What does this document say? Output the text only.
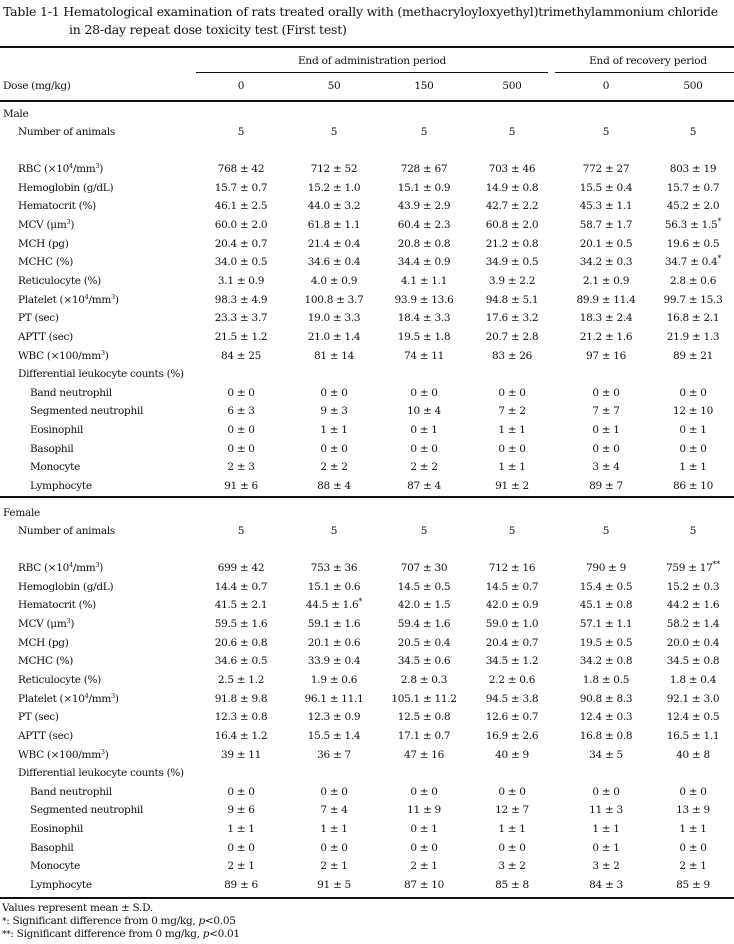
Table 1-1 Hematological examination of rats treated orally with (methacryloyloxyethyl)trimethylammonium chloride
in 28-day repeat dose toxicity test (First test)
End of administration period	End of recovery period
Dose (mg/kg)	0	50	150	500	0	500
Male
Number of animals	5	5	5	5	5	5
RBC $(\times 10^4/mm^3)$	768 ± 42	712 ± 52	728 ± 67	703 ± 46	772 ± 27	803 ± 19
Hemoglobin (g/dL)	15.7 ± 0.7	15.2 ± 1.0	15.1 ± 0.9	14.9 ± 0.8	15.5 ± 0.4	15.7 ± 0.7
Hematocrit (%)	46.1 ± 2.5	44.0 ± 3.2	43.9 ± 2.9	42.7 ± 2.2	45.3 ± 1.1	45.2 ± 2.0
MCV $(\mu m^3)$	60.0 ± 2.0	61.8 ± 1.1	60.4 ± 2.3	60.8 ± 2.0	58.7 ± 1.7	56.3 ± 1.5*
MCH (pg)	20.4 ± 0.7	21.4 ± 0.4	20.8 ± 0.8	21.2 ± 0.8	20.1 ± 0.5	19.6 ± 0.5
MCHC (%)	34.0 ± 0.5	34.6 ± 0.4	34.4 ± 0.9	34.9 ± 0.5	34.2 ± 0.3	34.7 ± 0.4*
Reticulocyte (%)	3.1 ± 0.9	4.0 ± 0.9	4.1 ± 1.1	3.9 ± 2.2	2.1 ± 0.9	2.8 ± 0.6
Platelet $(\times 10^4/mm^3)$	98.3 ± 4.9	100.8 ± 3.7	93.9 ± 13.6	94.8 ± 5.1	89.9 ± 11.4	99.7 ± 15.3
PT (sec)	23.3 ± 3.7	19.0 ± 3.3	18.4 ± 3.3	17.6 ± 3.2	18.3 ± 2.4	16.8 ± 2.1
APTT (sec)	21.5 ± 1.2	21.0 ± 1.4	19.5 ± 1.8	20.7 ± 2.8	21.2 ± 1.6	21.9 ± 1.3
WBC $(\times 100/mm^3)$	84 ± 25	81 ± 14	74 ± 11	83 ± 26	97 ± 16	89 ± 21
Differential leukocyte counts (%)
Band neutrophil	0 ± 0	0 ± 0	0 ± 0	0 ± 0	0 ± 0	0 ± 0
Segmented neutrophil	6 ± 3	9 ± 3	10 ± 4	7 ± 2	7 ± 7	12 ± 10
Eosinophil	0 ± 0	1 ± 1	0 ± 1	1 ± 1	0 ± 1	0 ± 1
Basophil	0 ± 0	0 ± 0	0 ± 0	0 ± 0	0 ± 0	0 ± 0
Monocyte	2 ± 3	2 ± 2	2 ± 2	1 ± 1	3 ± 4	1 ± 1
Lymphocyte	91 ± 6	88 ± 4	87 ± 4	91 ± 2	89 ± 7	86 ± 10
Female
Number of animals	5	5	5	5	5	5
RBC $(\times 10^4/mm^3)$	699 ± 42	753 ± 36	707 ± 30	712 ± 16	790 ± 9	759 ± 17**
Hemoglobin (g/dL)	14.4 ± 0.7	15.1 ± 0.6	14.5 ± 0.5	14.5 ± 0.7	15.4 ± 0.5	15.2 ± 0.3
Hematocrit (%)	41.5 ± 2.1	44.5 ± 1.6*	42.0 ± 1.5	42.0 ± 0.9	45.1 ± 0.8	44.2 ± 1.6
MCV $(\mu m^3)$	59.5 ± 1.6	59.1 ± 1.6	59.4 ± 1.6	59.0 ± 1.0	57.1 ± 1.1	58.2 ± 1.4
MCH (pg)	20.6 ± 0.8	20.1 ± 0.6	20.5 ± 0.4	20.4 ± 0.7	19.5 ± 0.5	20.0 ± 0.4
MCHC (%)	34.6 ± 0.5	33.9 ± 0.4	34.5 ± 0.6	34.5 ± 1.2	34.2 ± 0.8	34.5 ± 0.8
Reticulocyte (%)	2.5 ± 1.2	1.9 ± 0.6	2.8 ± 0.3	2.2 ± 0.6	1.8 ± 0.5	1.8 ± 0.4
Platelet $(\times 10^4/mm^3)$	91.8 ± 9.8	96.1 ± 11.1	105.1 ± 11.2	94.5 ± 3.8	90.8 ± 8.3	92.1 ± 3.0
PT (sec)	12.3 ± 0.8	12.3 ± 0.9	12.5 ± 0.8	12.6 ± 0.7	12.4 ± 0.3	12.4 ± 0.5
APTT (sec)	16.4 ± 1.2	15.5 ± 1.4	17.1 ± 0.7	16.9 ± 2.6	16.8 ± 0.8	16.5 ± 1.1
WBC $(\times 100/mm^3)$	39 ± 11	36 ± 7	47 ± 16	40 ± 9	34 ± 5	40 ± 8
Differential leukocyte counts (%)
Band neutrophil	0 ± 0	0 ± 0	0 ± 0	0 ± 0	0 ± 0	0 ± 0
Segmented neutrophil	9 ± 6	7 ± 4	11 ± 9	12 ± 7	11 ± 3	13 ± 9
Eosinophil	1 ± 1	1 ± 1	0 ± 1	1 ± 1	1 ± 1	1 ± 1
Basophil	0 ± 0	0 ± 0	0 ± 0	0 ± 0	0 ± 1	0 ± 0
Monocyte	2 ± 1	2 ± 1	2 ± 1	3 ± 2	3 ± 2	2 ± 1
Lymphocyte	89 ± 6	91 ± 5	87 ± 10	85 ± 8	84 ± 3	85 ± 9
Values represent mean ± S.D.
*: Significant difference from 0 mg/kg, p<0.05
**: Significant difference from 0 mg/kg, p<0.01
